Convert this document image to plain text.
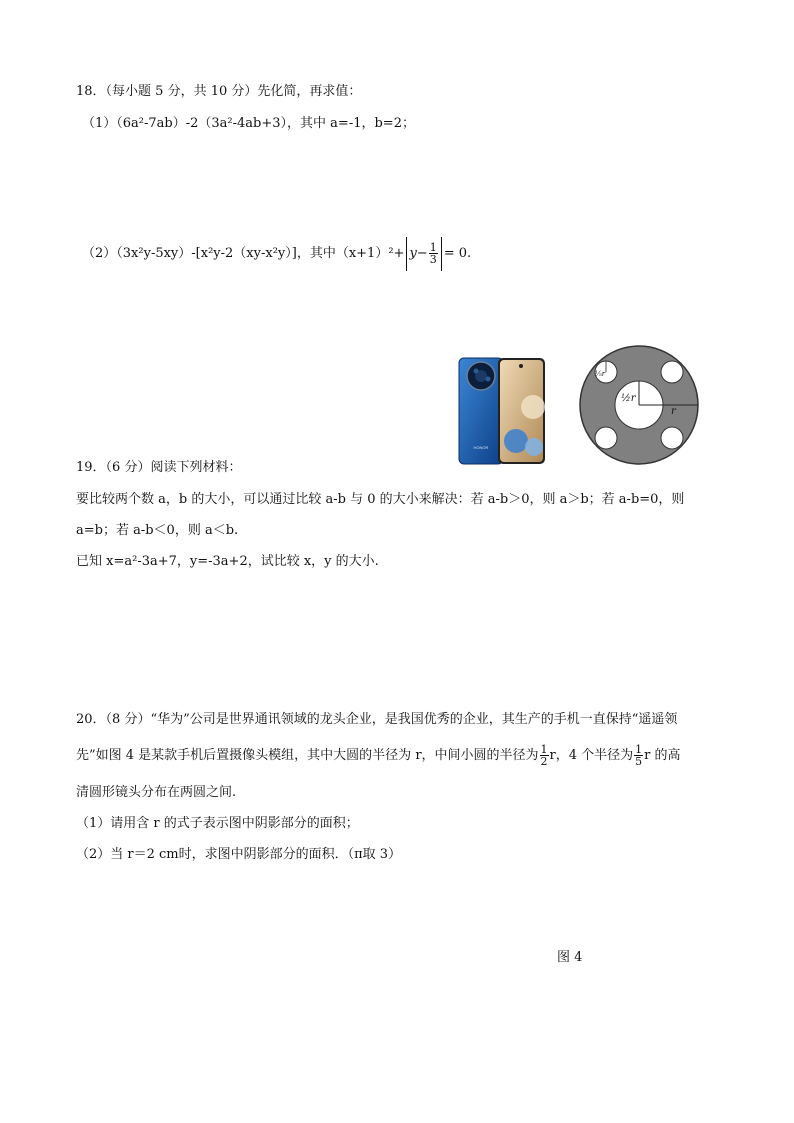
18．（每小题 5 分，共 10 分）先化简，再求值：
（1）（6a²-7ab）-2（3a²-4ab+3），其中 a=-1，b=2；
（2）（3x²y-5xy）-[x²y-2（xy-x²y）]，其中$(x+1)^2+ y- \frac{1}{3} = 0$.
HONOR
r
½r
⅕r
19．（6 分）阅读下列材料：
要比较两个数 a，b 的大小，可以通过比较 a-b 与 0 的大小来解决：若 a-b＞0，则 a＞b；若 a-b=0，则
a=b；若 a-b＜0，则 a＜b.
已知 x=a²-3a+7，y=-3a+2，试比较 x，y 的大小.
20．（8 分）“华为”公司是世界通讯领域的龙头企业，是我国优秀的企业，其生产的手机一直保持“遥遥领
先”如图 4 是某款手机后置摄像头模组，其中大圆的半径为 r，中间小圆的半径为 $\frac{1}{2}$ r，4 个半径为 $\frac{1}{5}$ r 的高
清圆形镜头分布在两圆之间.
（1）请用含 r 的式子表示图中阴影部分的面积；
（2）当 r＝2 cm时，求图中阴影部分的面积．（π取 3）
图 4
